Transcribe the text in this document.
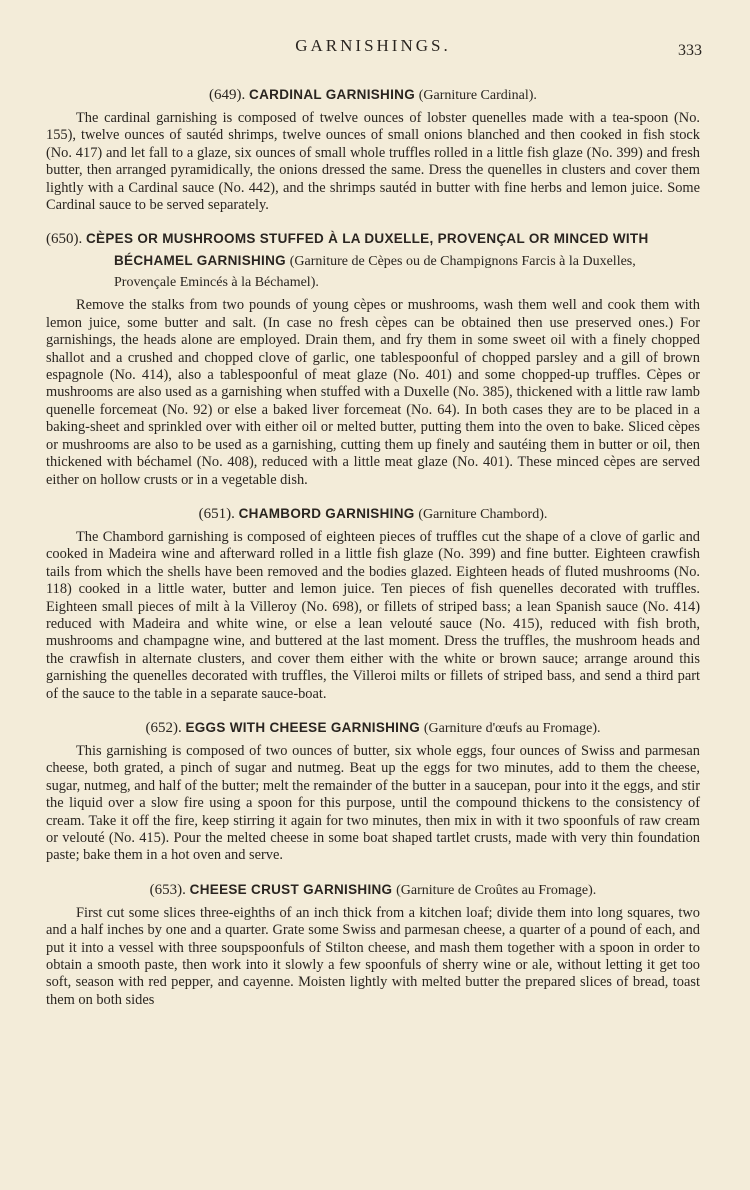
GARNISHINGS.	333
(649). CARDINAL GARNISHING (Garniture Cardinal).

The cardinal garnishing is composed of twelve ounces of lobster quenelles made with a tea-spoon (No. 155), twelve ounces of sautéd shrimps, twelve ounces of small onions blanched and then cooked in fish stock (No. 417) and let fall to a glaze, six ounces of small whole truffles rolled in a little fish glaze (No. 399) and fresh butter, then arranged pyramidically, the onions dressed the same. Dress the quenelles in clusters and cover them lightly with a Cardinal sauce (No. 442), and the shrimps sautéd in butter with fine herbs and lemon juice. Some Cardinal sauce to be served separately.

(650). CÈPES OR MUSHROOMS STUFFED À LA DUXELLE, PROVENÇAL OR MINCED WITH BÉCHAMEL GARNISHING (Garniture de Cèpes ou de Champignons Farcis à la Duxelles, Provençale Emincés à la Béchamel).

Remove the stalks from two pounds of young cèpes or mushrooms, wash them well and cook them with lemon juice, some butter and salt. (In case no fresh cèpes can be obtained then use preserved ones.) For garnishings, the heads alone are employed. Drain them, and fry them in some sweet oil with a finely chopped shallot and a crushed and chopped clove of garlic, one tablespoonful of chopped parsley and a gill of brown espagnole (No. 414), also a tablespoonful of meat glaze (No. 401) and some chopped-up truffles. Cèpes or mushrooms are also used as a garnishing when stuffed with a Duxelle (No. 385), thickened with a little raw lamb quenelle forcemeat (No. 92) or else a baked liver forcemeat (No. 64). In both cases they are to be placed in a baking-sheet and sprinkled over with either oil or melted butter, putting them into the oven to bake. Sliced cèpes or mushrooms are also to be used as a garnishing, cutting them up finely and sautéing them in butter or oil, then thickened with béchamel (No. 408), reduced with a little meat glaze (No. 401). These minced cèpes are served either on hollow crusts or in a vegetable dish.

(651). CHAMBORD GARNISHING (Garniture Chambord).

The Chambord garnishing is composed of eighteen pieces of truffles cut the shape of a clove of garlic and cooked in Madeira wine and afterward rolled in a little fish glaze (No. 399) and fine butter. Eighteen crawfish tails from which the shells have been removed and the bodies glazed. Eighteen heads of fluted mushrooms (No. 118) cooked in a little water, butter and lemon juice. Ten pieces of fish quenelles decorated with truffles. Eighteen small pieces of milt à la Villeroy (No. 698), or fillets of striped bass; a lean Spanish sauce (No. 414) reduced with Madeira and white wine, or else a lean velouté sauce (No. 415), reduced with fish broth, mushrooms and champagne wine, and buttered at the last moment. Dress the truffles, the mushroom heads and the crawfish in alternate clusters, and cover them either with the white or brown sauce; arrange around this garnishing the quenelles decorated with truffles, the Villeroi milts or fillets of striped bass, and send a third part of the sauce to the table in a separate sauce-boat.

(652). EGGS WITH CHEESE GARNISHING (Garniture d'œufs au Fromage).

This garnishing is composed of two ounces of butter, six whole eggs, four ounces of Swiss and parmesan cheese, both grated, a pinch of sugar and nutmeg. Beat up the eggs for two minutes, add to them the cheese, sugar, nutmeg, and half of the butter; melt the remainder of the butter in a saucepan, pour into it the eggs, and stir the liquid over a slow fire using a spoon for this purpose, until the compound thickens to the consistency of cream. Take it off the fire, keep stirring it again for two minutes, then mix in with it two spoonfuls of raw cream or velouté (No. 415). Pour the melted cheese in some boat shaped tartlet crusts, made with very thin foundation paste; bake them in a hot oven and serve.

(653). CHEESE CRUST GARNISHING (Garniture de Croûtes au Fromage).

First cut some slices three-eighths of an inch thick from a kitchen loaf; divide them into long squares, two and a half inches by one and a quarter. Grate some Swiss and parmesan cheese, a quarter of a pound of each, and put it into a vessel with three soupspoonfuls of Stilton cheese, and mash them together with a spoon in order to obtain a smooth paste, then work into it slowly a few spoonfuls of sherry wine or ale, without letting it get too soft, season with red pepper, and cayenne. Moisten lightly with melted butter the prepared slices of bread, toast them on both sides
